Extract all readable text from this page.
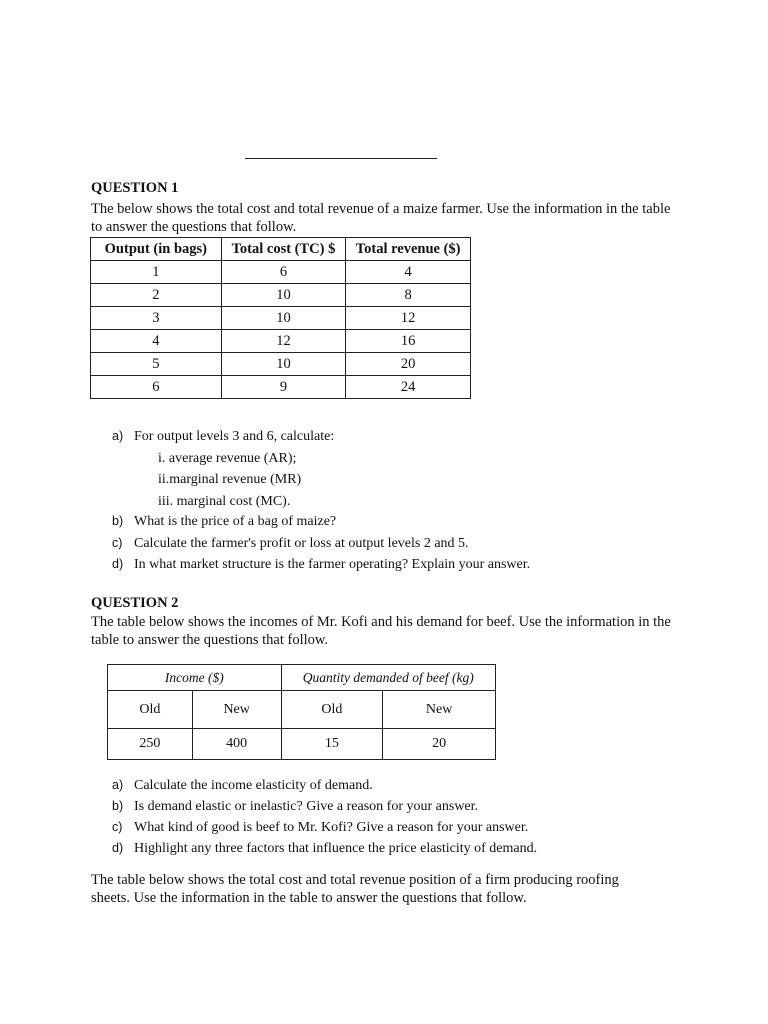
QUESTION 1
The below shows the total cost and total revenue of a maize farmer. Use the information in the table to answer the questions that follow.
Output (in bags)	Total cost (TC) $	Total revenue ($)
1	6	4
2	10	8
3	10	12
4	12	16
5	10	20
6	9	24
a) For output levels 3 and 6, calculate:
i. average revenue (AR);
ii.marginal revenue (MR)
iii. marginal cost (MC).
b) What is the price of a bag of maize?
c) Calculate the farmer's profit or loss at output levels 2 and 5.
d) In what market structure is the farmer operating? Explain your answer.
QUESTION 2
The table below shows the incomes of Mr. Kofi and his demand for beef. Use the information in the table to answer the questions that follow.
Income ($)		Quantity demanded of beef (kg)	
Old	New	Old	New
250	400	15	20
a) Calculate the income elasticity of demand.
b) Is demand elastic or inelastic? Give a reason for your answer.
c) What kind of good is beef to Mr. Kofi? Give a reason for your answer.
d) Highlight any three factors that influence the price elasticity of demand.
The table below shows the total cost and total revenue position of a firm producing roofing sheets. Use the information in the table to answer the questions that follow.
